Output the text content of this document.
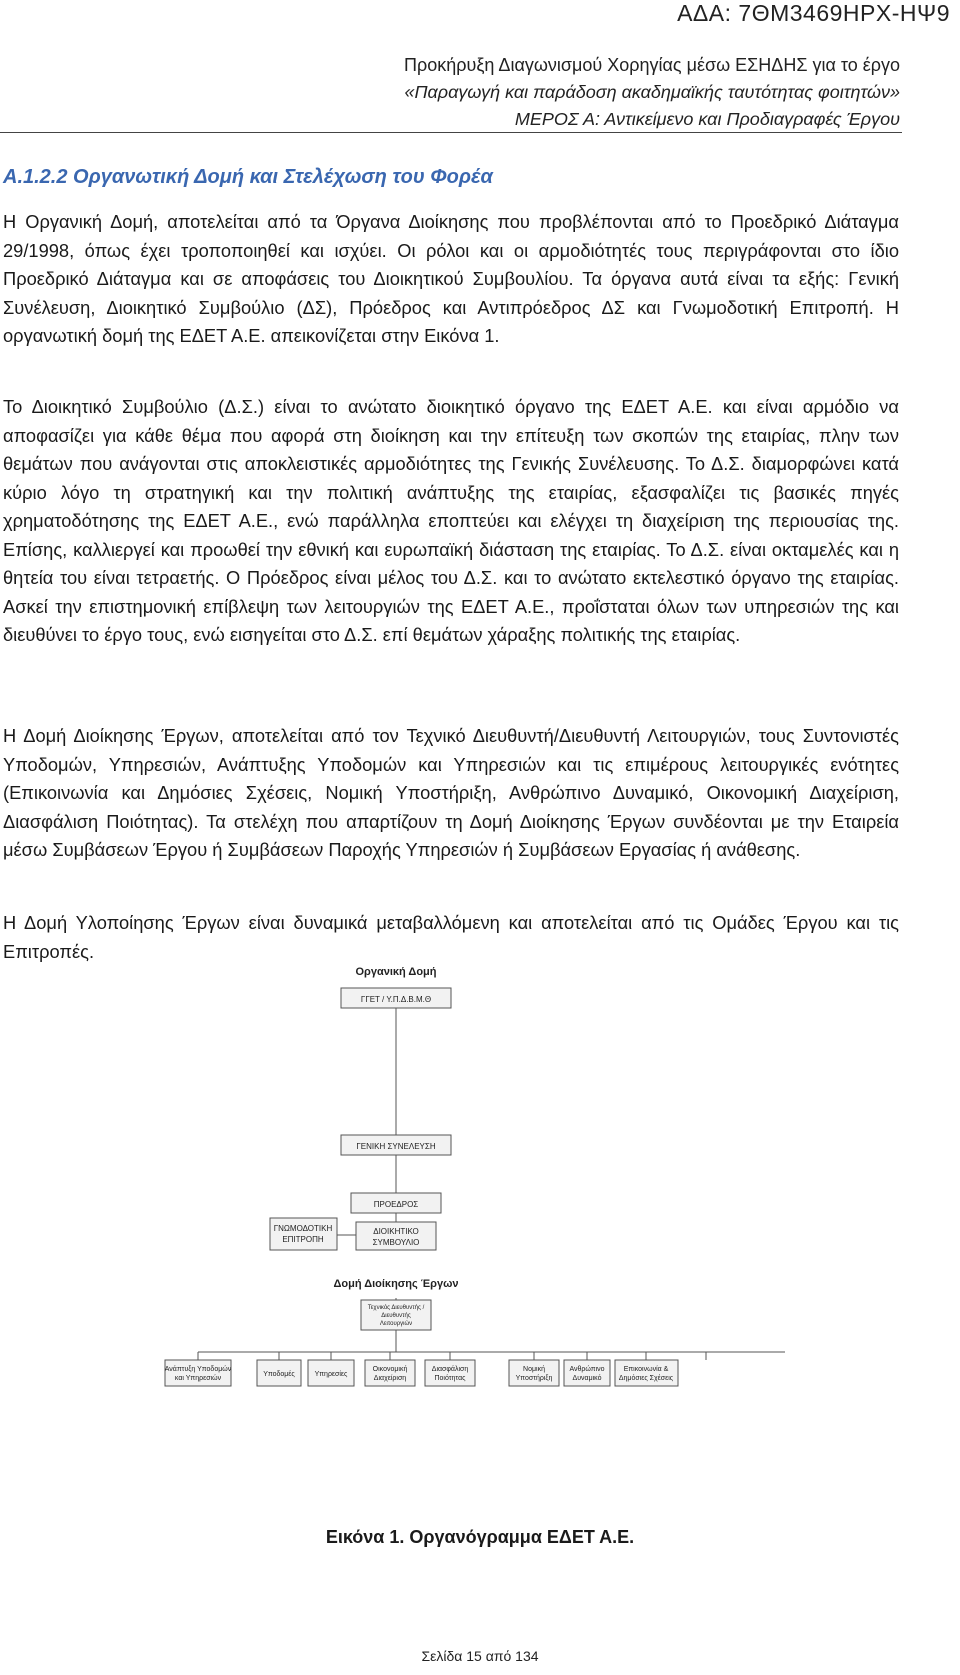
ΑΔΑ: 7ΘΜ3469ΗΡΧ-ΗΨ9
Προκήρυξη Διαγωνισμού Χορηγίας μέσω ΕΣΗΔΗΣ για το έργο
«Παραγωγή και παράδοση ακαδημαϊκής ταυτότητας φοιτητών»
ΜΕΡΟΣ Α: Αντικείμενο και Προδιαγραφές Έργου
Α.1.2.2 Οργανωτική Δομή και Στελέχωση του Φορέα
Η Οργανική Δομή, αποτελείται από τα Όργανα Διοίκησης που προβλέπονται από το Προεδρικό Διάταγμα 29/1998, όπως έχει τροποποιηθεί και ισχύει. Οι ρόλοι και οι αρμοδιότητές τους περιγράφονται στο ίδιο Προεδρικό Διάταγμα και σε αποφάσεις του Διοικητικού Συμβουλίου. Τα όργανα αυτά είναι τα εξής: Γενική Συνέλευση, Διοικητικό Συμβούλιο (ΔΣ), Πρόεδρος και Αντιπρόεδρος ΔΣ και Γνωμοδοτική Επιτροπή. Η οργανωτική δομή της ΕΔΕΤ Α.Ε. απεικονίζεται στην Εικόνα 1.
Το Διοικητικό Συμβούλιο (Δ.Σ.) είναι το ανώτατο διοικητικό όργανο της ΕΔΕΤ Α.Ε. και είναι αρμόδιο να αποφασίζει για κάθε θέμα που αφορά στη διοίκηση και την επίτευξη των σκοπών της εταιρίας, πλην των θεμάτων που ανάγονται στις αποκλειστικές αρμοδιότητες της Γενικής Συνέλευσης. Το Δ.Σ. διαμορφώνει κατά κύριο λόγο τη στρατηγική και την πολιτική ανάπτυξης της εταιρίας, εξασφαλίζει τις βασικές πηγές χρηματοδότησης της ΕΔΕΤ Α.Ε., ενώ παράλληλα εποπτεύει και ελέγχει τη διαχείριση της περιουσίας της. Επίσης, καλλιεργεί και προωθεί την εθνική και ευρωπαϊκή διάσταση της εταιρίας. Το Δ.Σ. είναι οκταμελές και η θητεία του είναι τετραετής. Ο Πρόεδρος είναι μέλος του Δ.Σ. και το ανώτατο εκτελεστικό όργανο της εταιρίας. Ασκεί την επιστημονική επίβλεψη των λειτουργιών της ΕΔΕΤ Α.Ε., προΐσταται όλων των υπηρεσιών της και διευθύνει το έργο τους, ενώ εισηγείται στο Δ.Σ. επί θεμάτων χάραξης πολιτικής της εταιρίας.
Η Δομή Διοίκησης Έργων, αποτελείται από τον Τεχνικό Διευθυντή/Διευθυντή Λειτουργιών, τους Συντονιστές Υποδομών, Υπηρεσιών, Ανάπτυξης Υποδομών και Υπηρεσιών και τις επιμέρους λειτουργικές ενότητες (Επικοινωνία και Δημόσιες Σχέσεις, Νομική Υποστήριξη, Ανθρώπινο Δυναμικό, Οικονομική Διαχείριση, Διασφάλιση Ποιότητας). Τα στελέχη που απαρτίζουν τη Δομή Διοίκησης Έργων συνδέονται με την Εταιρεία μέσω Συμβάσεων Έργου ή Συμβάσεων Παροχής Υπηρεσιών ή Συμβάσεων Εργασίας ή ανάθεσης.
Η Δομή Υλοποίησης Έργων είναι δυναμικά μεταβαλλόμενη και αποτελείται από τις Ομάδες Έργου και τις Επιτροπές.
Οργανική Δομή
ΓΓΕΤ / Υ.Π.Δ.Β.Μ.Θ
ΓΕΝΙΚΗ ΣΥΝΕΛΕΥΣΗ
ΠΡΟΕΔΡΟΣ
ΔΙΟΙΚΗΤΙΚΟ
ΣΥΜΒΟΥΛΙΟ
ΓΝΩΜΟΔΟΤΙΚΗ
ΕΠΙΤΡΟΠΗ
Δομή Διοίκησης Έργων
Τεχνικός Διευθυντής /
Διευθυντής
Λειτουργιών
Ανάπτυξη Υποδομών
και Υπηρεσιών
Υποδομές	Υπηρεσίες
Οικονομική
Διαχείριση
Διασφάλιση
Ποιότητας
Νομική
Υποστήριξη
Ανθρώπινο
Δυναμικό
Επικοινωνία &
Δημόσιες Σχέσεις
Εικόνα 1. Οργανόγραμμα ΕΔΕΤ Α.Ε.
Σελίδα 15 από 134
